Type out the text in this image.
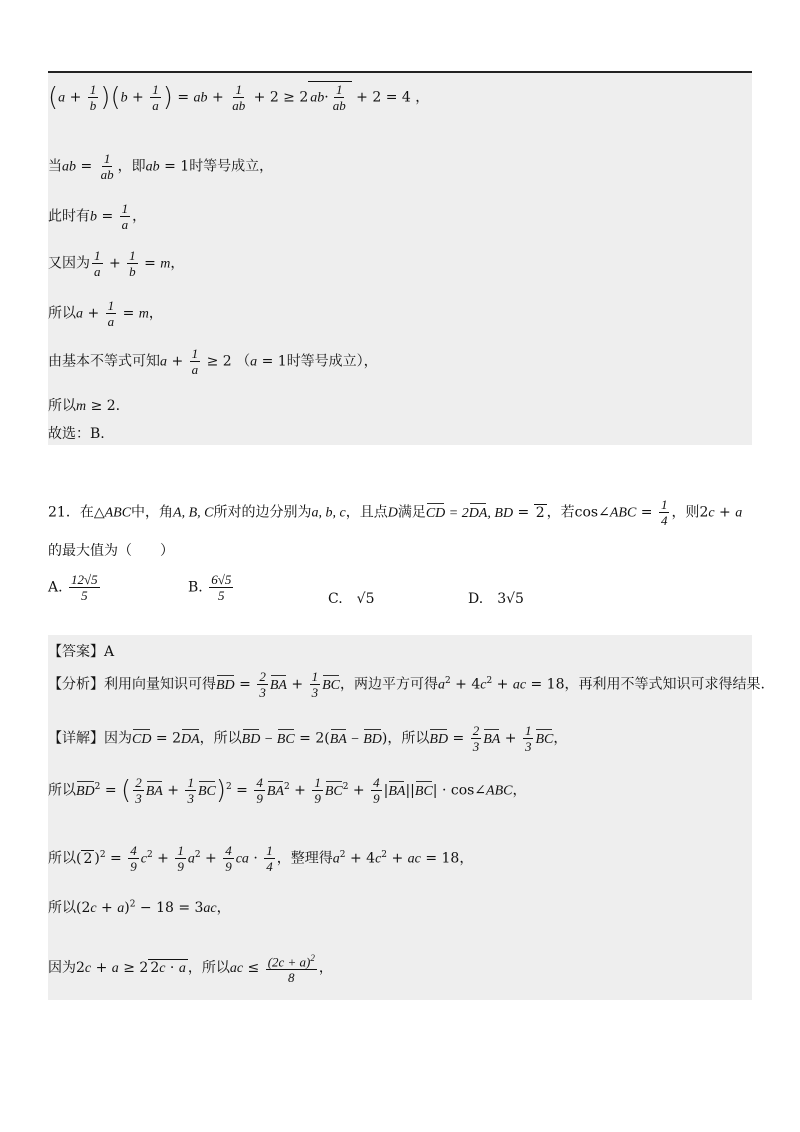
$(a + \frac{1}{b} )(b + \frac{1}{a}$ ) = ab + $\frac{1}{ab} + 2 \ge 2$ $ab\cdot \frac{1}{ab} + 2 = 4$ ，
当ab = $\frac{1}{ab}$ ，即ab = 1时等号成立，
此时有$b = \frac{1}{a}$ ，
又因为 $\frac{1}{a} + \frac{1}{b} = m$，
所以$a + \frac{1}{a} = m$，
由基本不等式可知$a + \frac{1}{a} \ge 2$ （a = 1时等号成立），
所以m ≥ 2.
故选：B.
21．在△ABC中，角A, B, C所对的边分别为a, b, c，且点D满足CD = 2DA, BD = 2 ，若cos∠ABC = $\frac{1}{4}$ ，则2c + a
的最大值为（　　）
A. $\frac{12√5}{5}$	B. $\frac{6√5}{5}$	C.　 √5	D.　 3√5
【答案】A
【分析】利用向量知识可得BD = $\frac{2}{3}$ BA + $\frac{1}{3}$ BC，两边平方可得$a^2 + 4c^2$ + ac = 18，再利用不等式知识可求得结果.
【详解】因为CD = 2DA，所以BD − BC = 2(BA − BD)，所以BD = $\frac{2}{3}$ BA + $\frac{1}{3}$ BC，
所以$BD^2$ = ( $\frac{2}{3}$ BA + $\frac{1}{3} BC)^2 = \frac{4}{9} BA^2 + \frac{1}{9} BC^2 + \frac{4}{9} |BA||BC|$ · cos∠ABC，
所以( 2 )$^2 = \frac{4}{9} c^2 + \frac{1}{9} a^2 + \frac{4}{9}$ ca · $\frac{1}{4}$ ，整理得$a^2 + 4c^2$ + ac = 18，
所以$(2c + a)^2 - 18 = 3ac$，
因为2c + a ≥ 2 2c · a ，所以ac ≤ $\frac{(2c + a)^2}{8}$ ，
